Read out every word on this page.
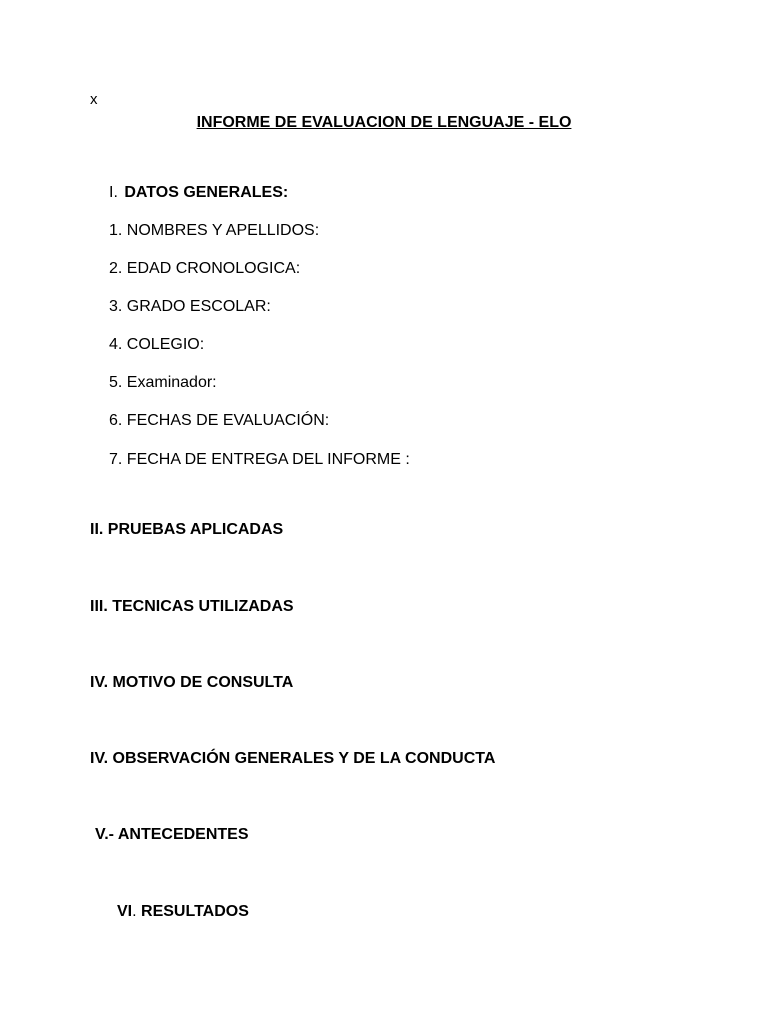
x
INFORME DE EVALUACION DE LENGUAJE - ELO
I. DATOS GENERALES:
1. NOMBRES Y APELLIDOS:
2. EDAD CRONOLOGICA:
3. GRADO ESCOLAR:
4. COLEGIO:
5. Examinador:
6. FECHAS DE EVALUACIÓN:
7. FECHA DE ENTREGA DEL INFORME :
II. PRUEBAS APLICADAS
III. TECNICAS UTILIZADAS
IV. MOTIVO DE CONSULTA
IV. OBSERVACIÓN GENERALES Y DE LA CONDUCTA
V.- ANTECEDENTES
VI. RESULTADOS
